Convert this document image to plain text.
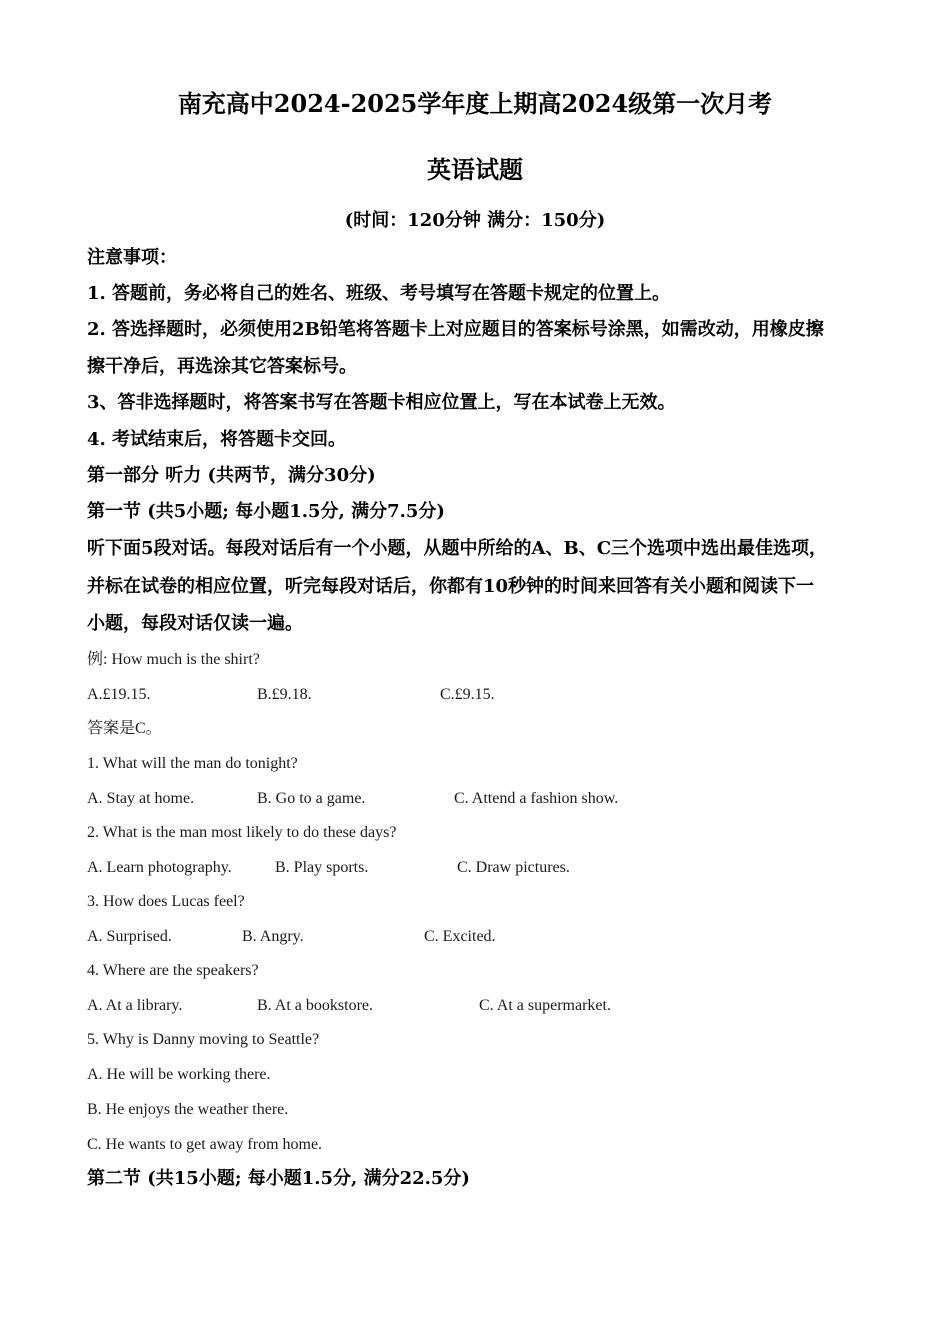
南充高中2024-2025学年度上期高2024级第一次月考
英语试题
(时间：120分钟 满分：150分)
注意事项：
1. 答题前，务必将自己的姓名、班级、考号填写在答题卡规定的位置上。
2. 答选择题时，必须使用2B铅笔将答题卡上对应题目的答案标号涂黑，如需改动，用橡皮擦
擦干净后，再选涂其它答案标号。
3、答非选择题时，将答案书写在答题卡相应位置上，写在本试卷上无效。
4. 考试结束后，将答题卡交回。
第一部分 听力 (共两节，满分30分)
第一节 (共5小题; 每小题1.5分, 满分7.5分)
听下面5段对话。每段对话后有一个小题，从题中所给的A、B、C三个选项中选出最佳选项，
并标在试卷的相应位置，听完每段对话后，你都有10秒钟的时间来回答有关小题和阅读下一
小题，每段对话仅读一遍。
例: How much is the shirt?
A.£19.15.	B.£9.18.	C.£9.15.
答案是C。
1. What will the man do tonight?
A. Stay at home.	B. Go to a game.	C. Attend a fashion show.
2. What is the man most likely to do these days?
A. Learn photography.	B. Play sports.	C. Draw pictures.
3. How does Lucas feel?
A. Surprised.	B. Angry.	C. Excited.
4. Where are the speakers?
A. At a library.	B. At a bookstore.	C. At a supermarket.
5. Why is Danny moving to Seattle?
A. He will be working there.
B. He enjoys the weather there.
C. He wants to get away from home.
第二节 (共15小题; 每小题1.5分, 满分22.5分)
